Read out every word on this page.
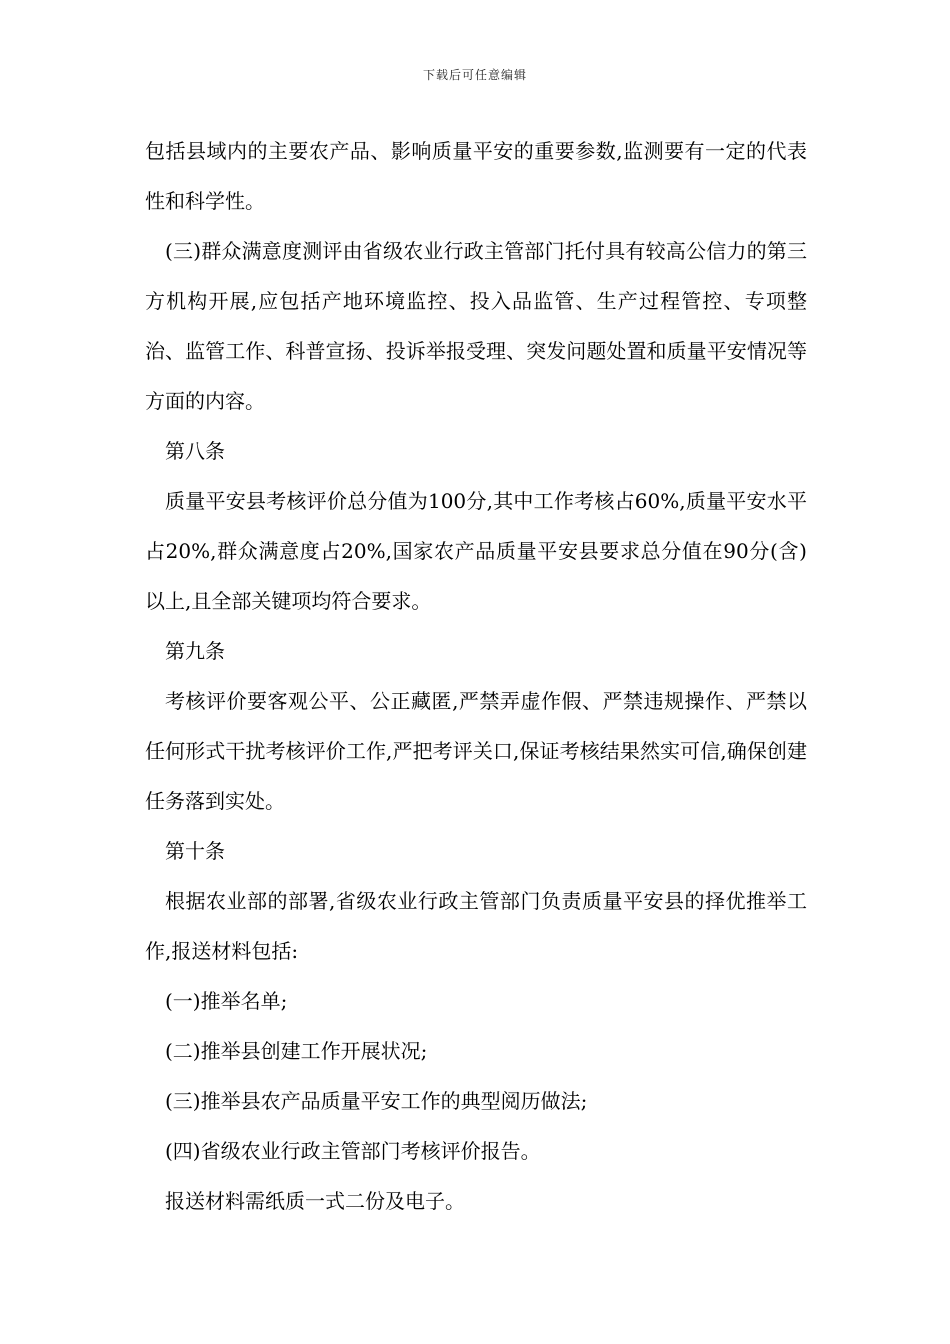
下载后可任意编辑

包括县域内的主要农产品、影响质量平安的重要参数,监测要有一定的代表性和科学性。

(三)群众满意度测评由省级农业行政主管部门托付具有较高公信力的第三方机构开展,应包括产地环境监控、投入品监管、生产过程管控、专项整治、监管工作、科普宣扬、投诉举报受理、突发问题处置和质量平安情况等方面的内容。

第八条

质量平安县考核评价总分值为100分,其中工作考核占60%,质量平安水平占20%,群众满意度占20%,国家农产品质量平安县要求总分值在90分(含)以上,且全部关键项均符合要求。

第九条

考核评价要客观公平、公正藏匿,严禁弄虚作假、严禁违规操作、严禁以任何形式干扰考核评价工作,严把考评关口,保证考核结果然实可信,确保创建任务落到实处。

第十条

根据农业部的部署,省级农业行政主管部门负责质量平安县的择优推举工作,报送材料包括:

(一)推举名单;

(二)推举县创建工作开展状况;

(三)推举县农产品质量平安工作的典型阅历做法;

(四)省级农业行政主管部门考核评价报告。

报送材料需纸质一式二份及电子。
